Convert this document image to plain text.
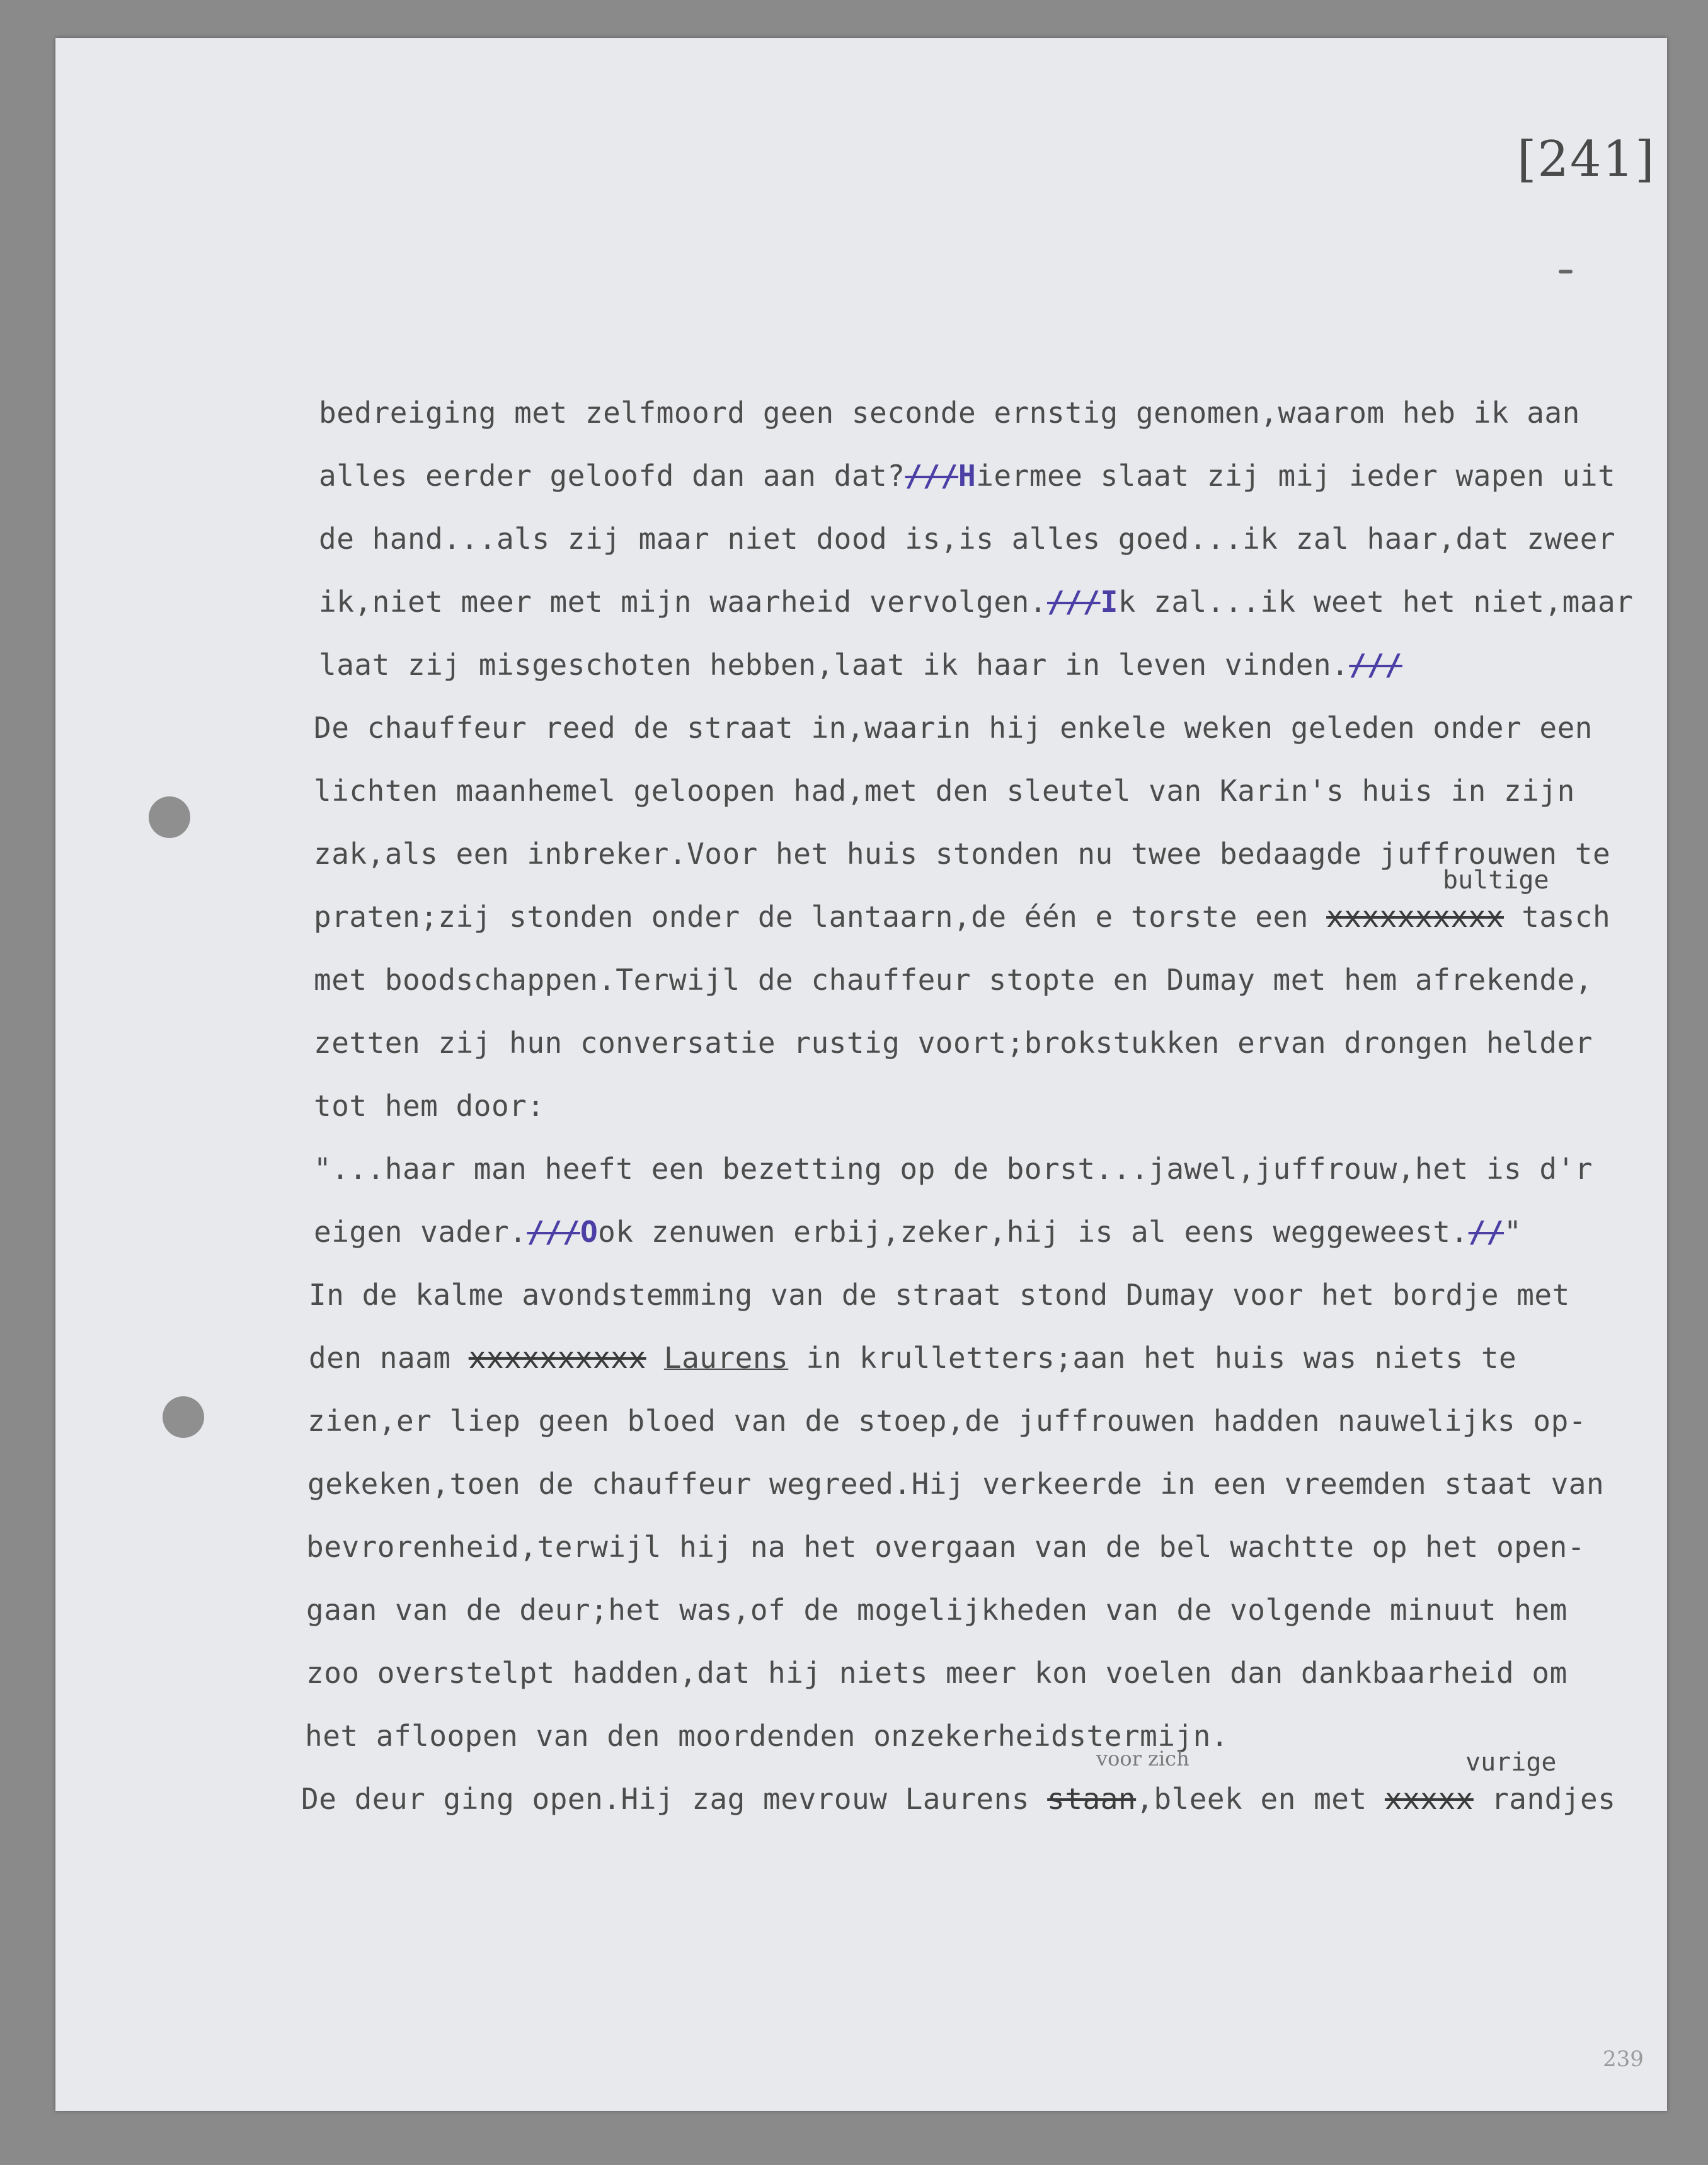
[241]
239
bedreiging met zelfmoord geen seconde ernstig genomen,waarom heb ik aan
alles eerder geloofd dan aan dat?///Hiermee slaat zij mij ieder wapen uit
de hand...als zij maar niet dood is,is alles goed...ik zal haar,dat zweer
ik,niet meer met mijn waarheid vervolgen.///Ik zal...ik weet het niet,maar
laat zij misgeschoten hebben,laat ik haar in leven vinden.///
De chauffeur reed de straat in,waarin hij enkele weken geleden onder een
lichten maanhemel geloopen had,met den sleutel van Karin's huis in zijn
zak,als een inbreker.Voor het huis stonden nu twee bedaagde juffrouwen te
bultige
praten;zij stonden onder de lantaarn,de één e torste een xxxxxxxxxx tasch
met boodschappen.Terwijl de chauffeur stopte en Dumay met hem afrekende,
zetten zij hun conversatie rustig voort;brokstukken ervan drongen helder
tot hem door:
"...haar man heeft een bezetting op de borst...jawel,juffrouw,het is d'r
eigen vader.///Ook zenuwen erbij,zeker,hij is al eens weggeweest.//"
In de kalme avondstemming van de straat stond Dumay voor het bordje met
den naam xxxxxxxxxx Laurens in krulletters;aan het huis was niets te
zien,er liep geen bloed van de stoep,de juffrouwen hadden nauwelijks op-
gekeken,toen de chauffeur wegreed.Hij verkeerde in een vreemden staat van
bevrorenheid,terwijl hij na het overgaan van de bel wachtte op het open-
gaan van de deur;het was,of de mogelijkheden van de volgende minuut hem
zoo overstelpt hadden,dat hij niets meer kon voelen dan dankbaarheid om
het afloopen van den moordenden onzekerheidstermijn.
voor zich	vurige
De deur ging open.Hij zag mevrouw Laurens staan,bleek en met xxxxx randjes
